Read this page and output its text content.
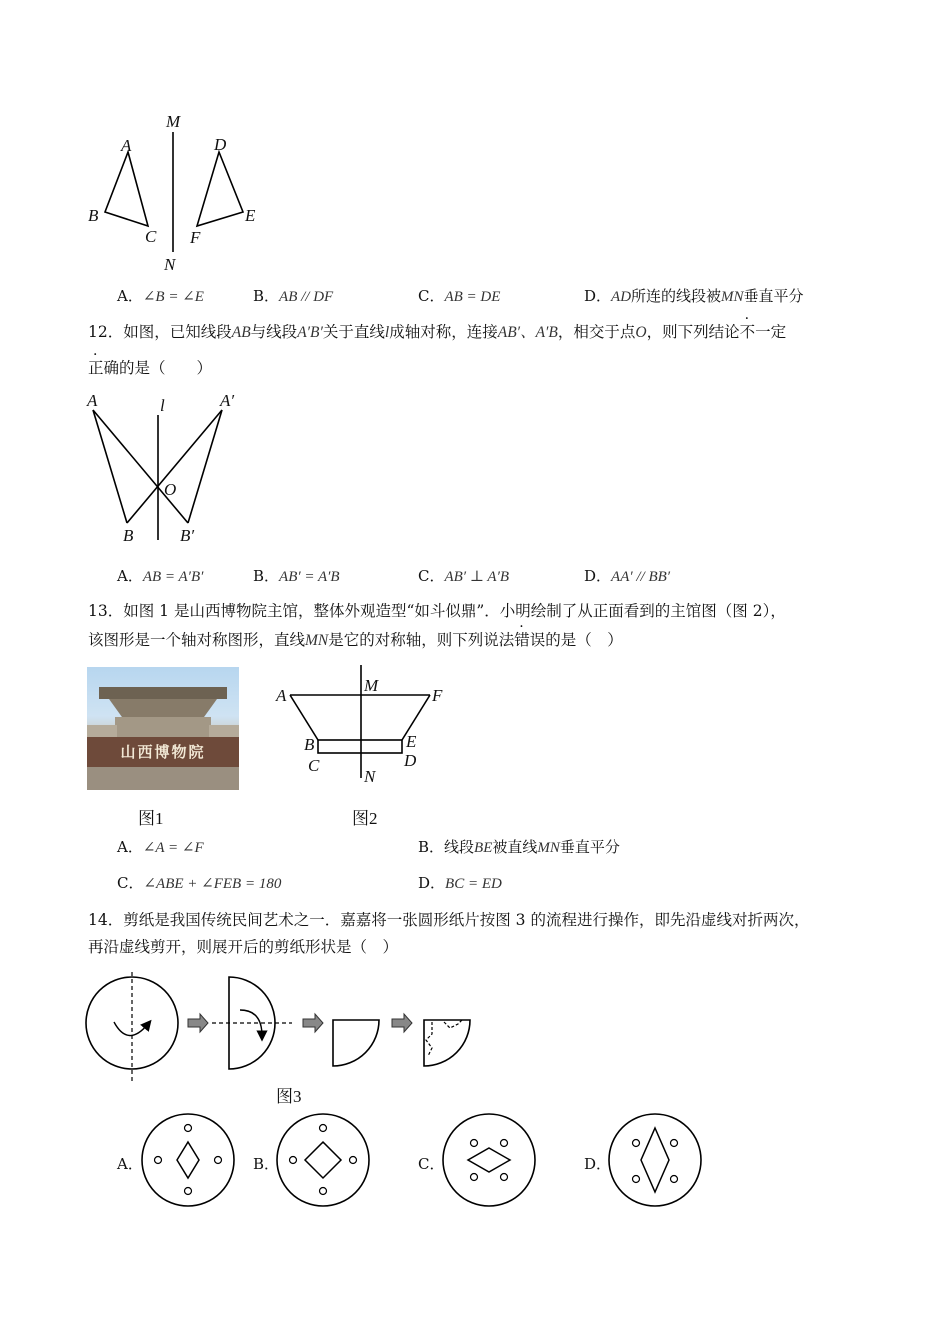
M
N
A
B
C
D
E
F
A．∠B = ∠E	B．AB // DF	C．AB = DE	D．AD所连的线段被MN垂直平分
12．如图，已知线段AB与线段A′B′关于直线l成轴对称，连接AB′、A′B，相交于点O，则下列结论不一定
正确的是（　　）
A	l	A′
O
B	B′
A．AB = A′B′	B．AB′ = A′B	C．AB′ ⊥ A′B	D．AA′ // BB′
13．如图 1 是山西博物院主馆，整体外观造型“如斗似鼎”．小明绘制了从正面看到的主馆图（图 2），
该图形是一个轴对称图形，直线MN是它的对称轴，则下列说法错误的是（　）
山西博物院
图1
A
M
F
B	E
C	D
N
图2
A．∠A = ∠F	B．线段BE被直线MN垂直平分
C．∠ABE + ∠FEB = 180	D．BC = ED
14．剪纸是我国传统民间艺术之一．嘉嘉将一张圆形纸片按图 3 的流程进行操作，即先沿虚线对折两次，
再沿虚线剪开，则展开后的剪纸形状是（　）
图3
A．	B．	C．	D．
